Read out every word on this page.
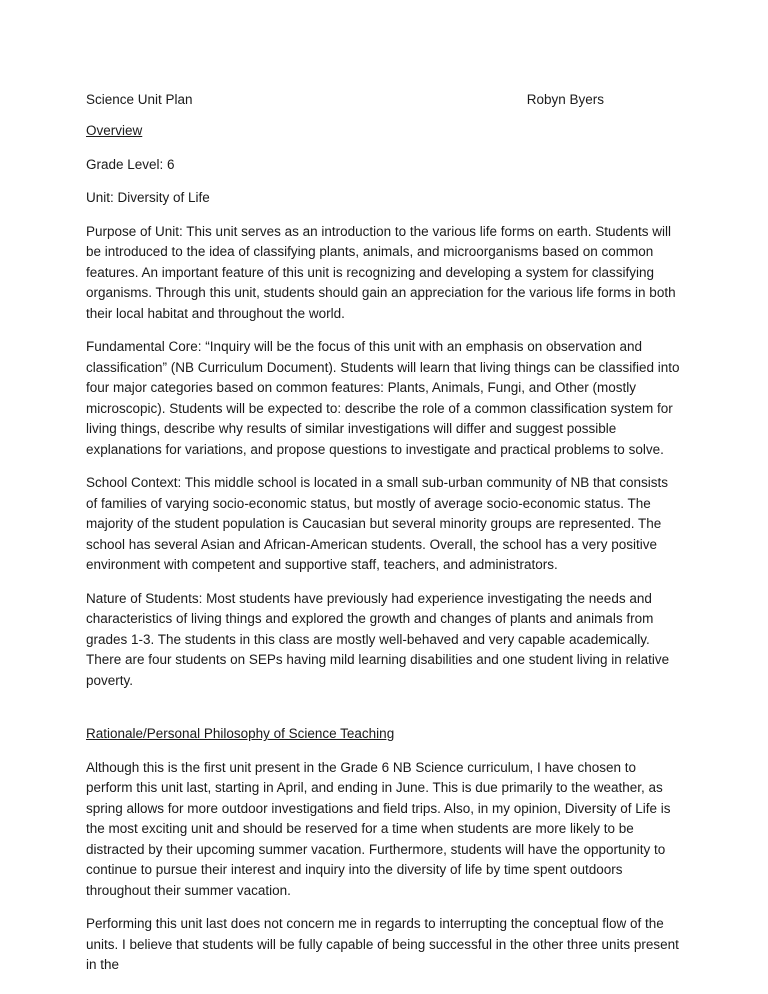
Science Unit Plan	Robyn Byers

Overview

Grade Level: 6

Unit: Diversity of Life

Purpose of Unit: This unit serves as an introduction to the various life forms on earth. Students will be introduced to the idea of classifying plants, animals, and microorganisms based on common features. An important feature of this unit is recognizing and developing a system for classifying organisms. Through this unit, students should gain an appreciation for the various life forms in both their local habitat and throughout the world.

Fundamental Core: “Inquiry will be the focus of this unit with an emphasis on observation and classification” (NB Curriculum Document). Students will learn that living things can be classified into four major categories based on common features: Plants, Animals, Fungi, and Other (mostly microscopic). Students will be expected to: describe the role of a common classification system for living things, describe why results of similar investigations will differ and suggest possible explanations for variations, and propose questions to investigate and practical problems to solve.

School Context: This middle school is located in a small sub-urban community of NB that consists of families of varying socio-economic status, but mostly of average socio-economic status. The majority of the student population is Caucasian but several minority groups are represented. The school has several Asian and African-American students. Overall, the school has a very positive environment with competent and supportive staff, teachers, and administrators.

Nature of Students: Most students have previously had experience investigating the needs and characteristics of living things and explored the growth and changes of plants and animals from grades 1-3. The students in this class are mostly well-behaved and very capable academically. There are four students on SEPs having mild learning disabilities and one student living in relative poverty.

Rationale/Personal Philosophy of Science Teaching

Although this is the first unit present in the Grade 6 NB Science curriculum, I have chosen to perform this unit last, starting in April, and ending in June. This is due primarily to the weather, as spring allows for more outdoor investigations and field trips. Also, in my opinion, Diversity of Life is the most exciting unit and should be reserved for a time when students are more likely to be distracted by their upcoming summer vacation. Furthermore, students will have the opportunity to continue to pursue their interest and inquiry into the diversity of life by time spent outdoors throughout their summer vacation.

Performing this unit last does not concern me in regards to interrupting the conceptual flow of the units. I believe that students will be fully capable of being successful in the other three units present in the
